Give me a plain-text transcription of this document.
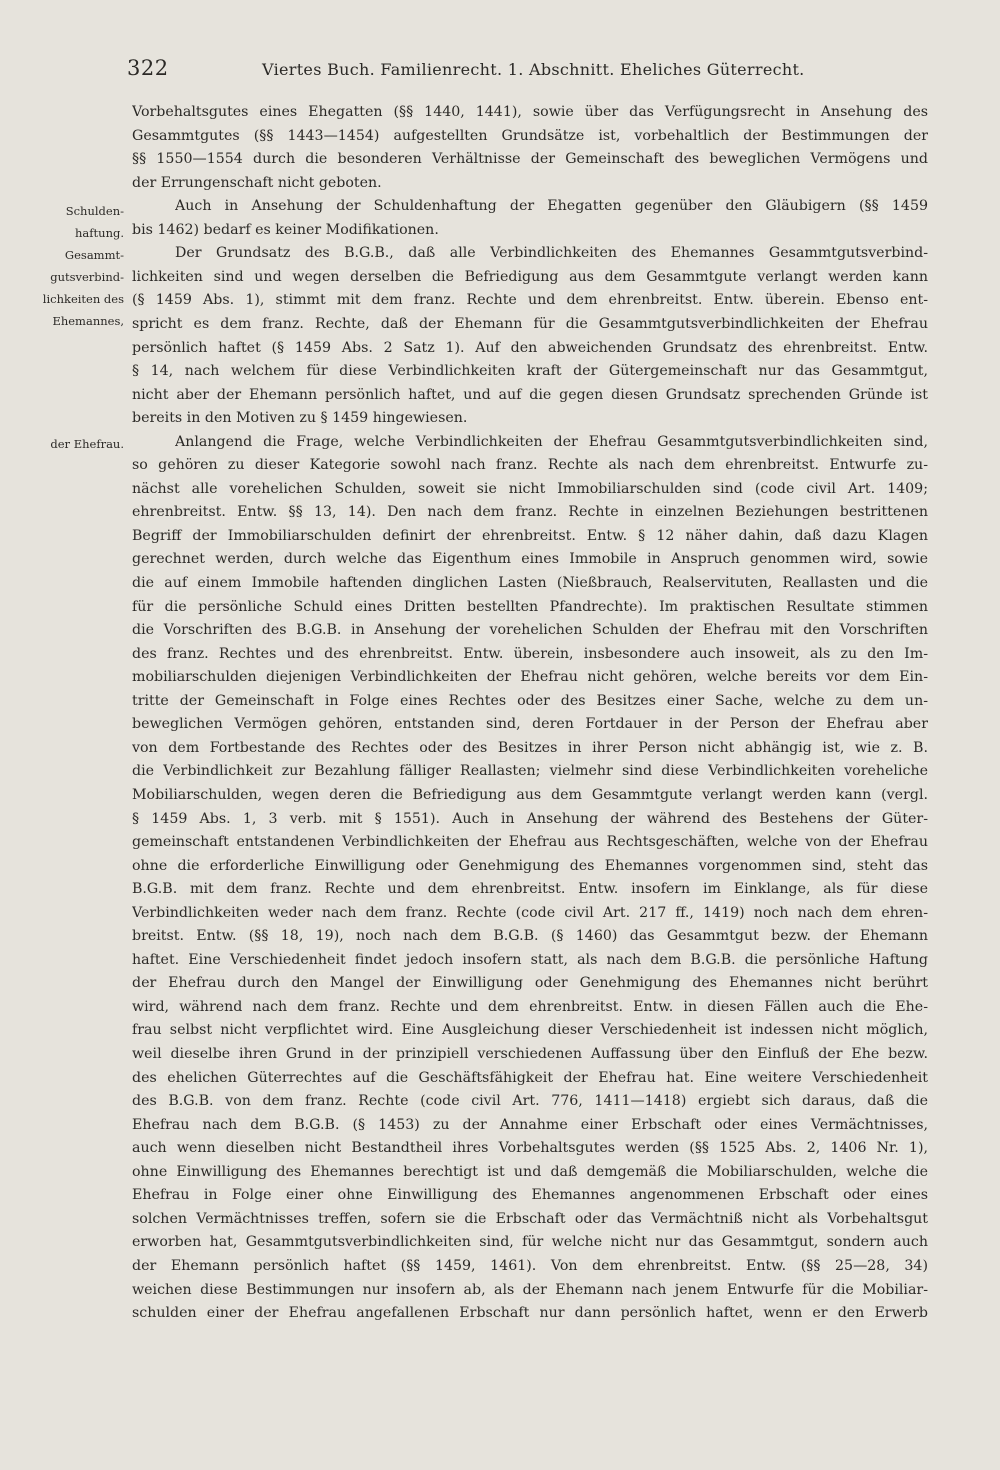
322	Viertes Buch. Familienrecht. 1. Abschnitt. Eheliches Güterrecht.
Schulden-
haftung.
Gesammt-
gutsverbind-
lichkeiten des
Ehemannes,
der Ehefrau.
Vorbehaltsgutes eines Ehegatten (§§ 1440, 1441), sowie über das Verfügungsrecht in Ansehung des
Gesammtgutes (§§ 1443—1454) aufgestellten Grundsätze ist, vorbehaltlich der Bestimmungen der
§§ 1550—1554 durch die besonderen Verhältnisse der Gemeinschaft des beweglichen Vermögens und
der Errungenschaft nicht geboten.
Auch in Ansehung der Schuldenhaftung der Ehegatten gegenüber den Gläubigern (§§ 1459
bis 1462) bedarf es keiner Modifikationen.
Der Grundsatz des B.G.B., daß alle Verbindlichkeiten des Ehemannes Gesammtgutsverbind-
lichkeiten sind und wegen derselben die Befriedigung aus dem Gesammtgute verlangt werden kann
(§ 1459 Abs. 1), stimmt mit dem franz. Rechte und dem ehrenbreitst. Entw. überein. Ebenso ent-
spricht es dem franz. Rechte, daß der Ehemann für die Gesammtgutsverbindlichkeiten der Ehefrau
persönlich haftet (§ 1459 Abs. 2 Satz 1). Auf den abweichenden Grundsatz des ehrenbreitst. Entw.
§ 14, nach welchem für diese Verbindlichkeiten kraft der Gütergemeinschaft nur das Gesammtgut,
nicht aber der Ehemann persönlich haftet, und auf die gegen diesen Grundsatz sprechenden Gründe ist
bereits in den Motiven zu § 1459 hingewiesen.
Anlangend die Frage, welche Verbindlichkeiten der Ehefrau Gesammtgutsverbindlichkeiten sind,
so gehören zu dieser Kategorie sowohl nach franz. Rechte als nach dem ehrenbreitst. Entwurfe zu-
nächst alle vorehelichen Schulden, soweit sie nicht Immobiliarschulden sind (code civil Art. 1409;
ehrenbreitst. Entw. §§ 13, 14). Den nach dem franz. Rechte in einzelnen Beziehungen bestrittenen
Begriff der Immobiliarschulden definirt der ehrenbreitst. Entw. § 12 näher dahin, daß dazu Klagen
gerechnet werden, durch welche das Eigenthum eines Immobile in Anspruch genommen wird, sowie
die auf einem Immobile haftenden dinglichen Lasten (Nießbrauch, Realservituten, Reallasten und die
für die persönliche Schuld eines Dritten bestellten Pfandrechte). Im praktischen Resultate stimmen
die Vorschriften des B.G.B. in Ansehung der vorehelichen Schulden der Ehefrau mit den Vorschriften
des franz. Rechtes und des ehrenbreitst. Entw. überein, insbesondere auch insoweit, als zu den Im-
mobiliarschulden diejenigen Verbindlichkeiten der Ehefrau nicht gehören, welche bereits vor dem Ein-
tritte der Gemeinschaft in Folge eines Rechtes oder des Besitzes einer Sache, welche zu dem un-
beweglichen Vermögen gehören, entstanden sind, deren Fortdauer in der Person der Ehefrau aber
von dem Fortbestande des Rechtes oder des Besitzes in ihrer Person nicht abhängig ist, wie z. B.
die Verbindlichkeit zur Bezahlung fälliger Reallasten; vielmehr sind diese Verbindlichkeiten voreheliche
Mobiliarschulden, wegen deren die Befriedigung aus dem Gesammtgute verlangt werden kann (vergl.
§ 1459 Abs. 1, 3 verb. mit § 1551). Auch in Ansehung der während des Bestehens der Güter-
gemeinschaft entstandenen Verbindlichkeiten der Ehefrau aus Rechtsgeschäften, welche von der Ehefrau
ohne die erforderliche Einwilligung oder Genehmigung des Ehemannes vorgenommen sind, steht das
B.G.B. mit dem franz. Rechte und dem ehrenbreitst. Entw. insofern im Einklange, als für diese
Verbindlichkeiten weder nach dem franz. Rechte (code civil Art. 217 ff., 1419) noch nach dem ehren-
breitst. Entw. (§§ 18, 19), noch nach dem B.G.B. (§ 1460) das Gesammtgut bezw. der Ehemann
haftet. Eine Verschiedenheit findet jedoch insofern statt, als nach dem B.G.B. die persönliche Haftung
der Ehefrau durch den Mangel der Einwilligung oder Genehmigung des Ehemannes nicht berührt
wird, während nach dem franz. Rechte und dem ehrenbreitst. Entw. in diesen Fällen auch die Ehe-
frau selbst nicht verpflichtet wird. Eine Ausgleichung dieser Verschiedenheit ist indessen nicht möglich,
weil dieselbe ihren Grund in der prinzipiell verschiedenen Auffassung über den Einfluß der Ehe bezw.
des ehelichen Güterrechtes auf die Geschäftsfähigkeit der Ehefrau hat. Eine weitere Verschiedenheit
des B.G.B. von dem franz. Rechte (code civil Art. 776, 1411—1418) ergiebt sich daraus, daß die
Ehefrau nach dem B.G.B. (§ 1453) zu der Annahme einer Erbschaft oder eines Vermächtnisses,
auch wenn dieselben nicht Bestandtheil ihres Vorbehaltsgutes werden (§§ 1525 Abs. 2, 1406 Nr. 1),
ohne Einwilligung des Ehemannes berechtigt ist und daß demgemäß die Mobiliarschulden, welche die
Ehefrau in Folge einer ohne Einwilligung des Ehemannes angenommenen Erbschaft oder eines
solchen Vermächtnisses treffen, sofern sie die Erbschaft oder das Vermächtniß nicht als Vorbehaltsgut
erworben hat, Gesammtgutsverbindlichkeiten sind, für welche nicht nur das Gesammtgut, sondern auch
der Ehemann persönlich haftet (§§ 1459, 1461). Von dem ehrenbreitst. Entw. (§§ 25—28, 34)
weichen diese Bestimmungen nur insofern ab, als der Ehemann nach jenem Entwurfe für die Mobiliar-
schulden einer der Ehefrau angefallenen Erbschaft nur dann persönlich haftet, wenn er den Erwerb
